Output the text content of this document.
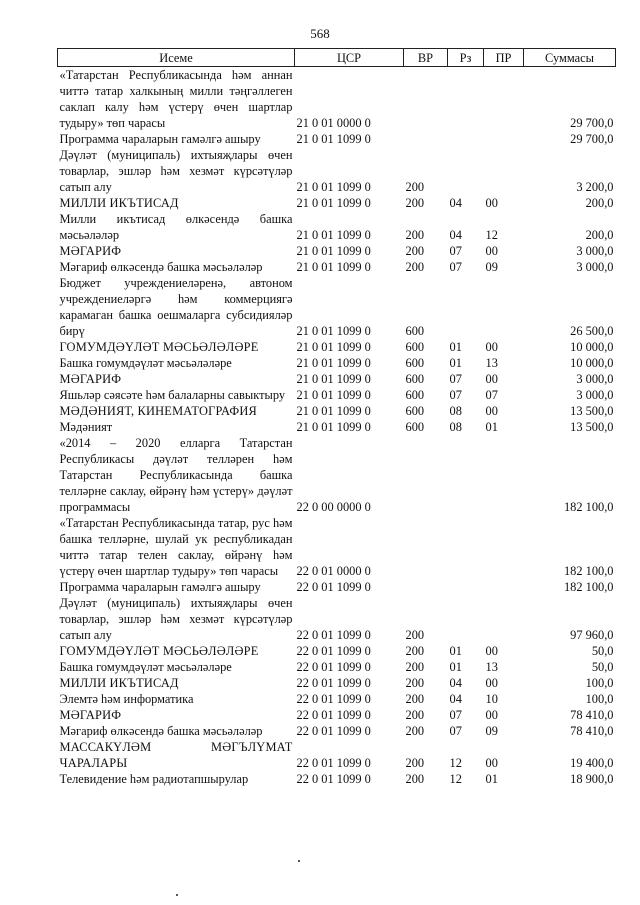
568
Исеме	ЦСР	ВР	Рз	ПР	Суммасы
«Татарстан Республикасында һәм аннан читтә татар халкының милли тәңгәллеген саклап калу һәм үстерү өчен шартлар тудыру» төп чарасы	21 0 01 0000 0				29 700,0
Программа чараларын гамәлгә ашыру	21 0 01 1099 0				29 700,0
Дәүләт (муниципаль) ихтыяҗлары өчен товарлар, эшләр һәм хезмәт күрсәтүләр сатып алу	21 0 01 1099 0	200			3 200,0
МИЛЛИ ИКЪТИСАД	21 0 01 1099 0	200	04	00	200,0
Милли икътисад өлкәсендә башка мәсьәләләр	21 0 01 1099 0	200	04	12	200,0
МӘГАРИФ	21 0 01 1099 0	200	07	00	3 000,0
Мәгариф өлкәсендә башка мәсьәләләр	21 0 01 1099 0	200	07	09	3 000,0
Бюджет учреждениеләренә, автоном учреждениеләргә һәм коммерциягә карамаган башка оешмаларга субсидияләр бирү	21 0 01 1099 0	600			26 500,0
ГОМУМДӘҮЛӘТ МӘСЬӘЛӘЛӘРЕ	21 0 01 1099 0	600	01	00	10 000,0
Башка гомумдәүләт мәсьәләләре	21 0 01 1099 0	600	01	13	10 000,0
МӘГАРИФ	21 0 01 1099 0	600	07	00	3 000,0
Яшьләр сәясәте һәм балаларны савыктыру	21 0 01 1099 0	600	07	07	3 000,0
МӘДӘНИЯТ, КИНЕМАТОГРАФИЯ	21 0 01 1099 0	600	08	00	13 500,0
Мәдәният	21 0 01 1099 0	600	08	01	13 500,0
«2014 – 2020 елларга Татарстан Республикасы дәүләт телләрен һәм Татарстан Республикасында башка телләрне саклау, өйрәнү һәм үстерү» дәүләт программасы	22 0 00 0000 0				182 100,0
«Татарстан Республикасында татар, рус һәм башка телләрне, шулай ук республикадан читтә татар телен саклау, өйрәнү һәм үстерү өчен шартлар тудыру» төп чарасы	22 0 01 0000 0				182 100,0
Программа чараларын гамәлгә ашыру	22 0 01 1099 0				182 100,0
Дәүләт (муниципаль) ихтыяҗлары өчен товарлар, эшләр һәм хезмәт күрсәтүләр сатып алу	22 0 01 1099 0	200			97 960,0
ГОМУМДӘҮЛӘТ МӘСЬӘЛӘЛӘРЕ	22 0 01 1099 0	200	01	00	50,0
Башка гомумдәүләт мәсьәләләре	22 0 01 1099 0	200	01	13	50,0
МИЛЛИ ИКЪТИСАД	22 0 01 1099 0	200	04	00	100,0
Элемтә һәм информатика	22 0 01 1099 0	200	04	10	100,0
МӘГАРИФ	22 0 01 1099 0	200	07	00	78 410,0
Мәгариф өлкәсендә башка мәсьәләләр	22 0 01 1099 0	200	07	09	78 410,0
МАССАКҮЛӘМ МӘГЪЛҮМАТ ЧАРАЛАРЫ	22 0 01 1099 0	200	12	00	19 400,0
Телевидение һәм радиотапшырулар	22 0 01 1099 0	200	12	01	18 900,0
